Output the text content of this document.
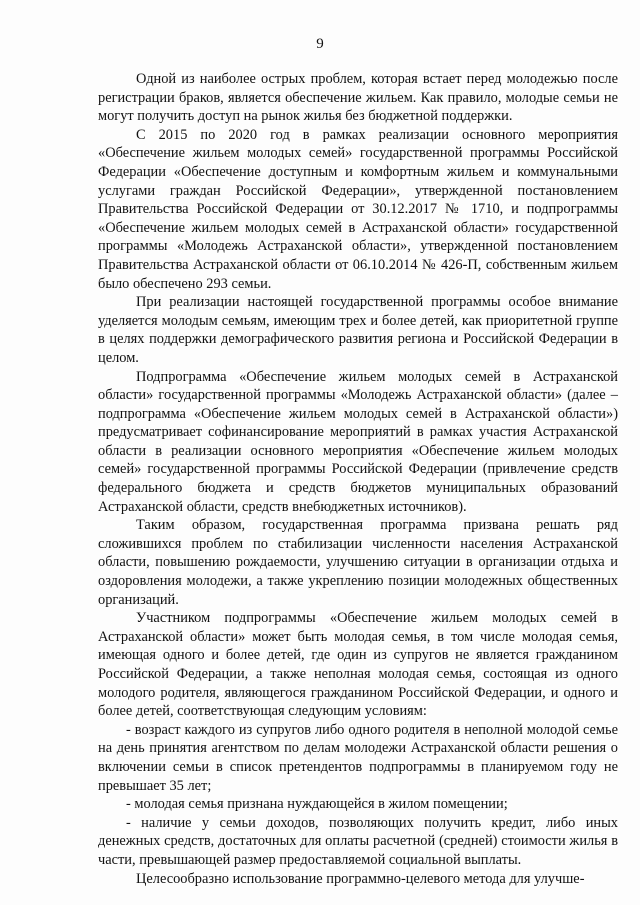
9

Одной из наиболее острых проблем, которая встает перед молодежью после регистрации браков, является обеспечение жильем. Как правило, молодые семьи не могут получить доступ на рынок жилья без бюджетной поддержки.

С 2015 по 2020 год в рамках реализации основного мероприятия «Обеспечение жильем молодых семей» государственной программы Российской Федерации «Обеспечение доступным и комфортным жильем и коммунальными услугами граждан Российской Федерации», утвержденной постановлением Правительства Российской Федерации от 30.12.2017 № 1710, и подпрограммы «Обеспечение жильем молодых семей в Астраханской области» государственной программы «Молодежь Астраханской области», утвержденной постановлением Правительства Астраханской области от 06.10.2014 № 426-П, собственным жильем было обеспечено 293 семьи.

При реализации настоящей государственной программы особое внимание уделяется молодым семьям, имеющим трех и более детей, как приоритетной группе в целях поддержки демографического развития региона и Российской Федерации в целом.

Подпрограмма «Обеспечение жильем молодых семей в Астраханской области» государственной программы «Молодежь Астраханской области» (далее – подпрограмма «Обеспечение жильем молодых семей в Астраханской области») предусматривает софинансирование мероприятий в рамках участия Астраханской области в реализации основного мероприятия «Обеспечение жильем молодых семей» государственной программы Российской Федерации (привлечение средств федерального бюджета и средств бюджетов муниципальных образований Астраханской области, средств внебюджетных источников).

Таким образом, государственная программа призвана решать ряд сложившихся проблем по стабилизации численности населения Астраханской области, повышению рождаемости, улучшению ситуации в организации отдыха и оздоровления молодежи, а также укреплению позиции молодежных общественных организаций.

Участником подпрограммы «Обеспечение жильем молодых семей в Астраханской области» может быть молодая семья, в том числе молодая семья, имеющая одного и более детей, где один из супругов не является гражданином Российской Федерации, а также неполная молодая семья, состоящая из одного молодого родителя, являющегося гражданином Российской Федерации, и одного и более детей, соответствующая следующим условиям:

- возраст каждого из супругов либо одного родителя в неполной молодой семье на день принятия агентством по делам молодежи Астраханской области решения о включении семьи в список претендентов подпрограммы в планируемом году не превышает 35 лет;

- молодая семья признана нуждающейся в жилом помещении;

- наличие у семьи доходов, позволяющих получить кредит, либо иных денежных средств, достаточных для оплаты расчетной (средней) стоимости жилья в части, превышающей размер предоставляемой социальной выплаты.

Целесообразно использование программно-целевого метода для улучше-
